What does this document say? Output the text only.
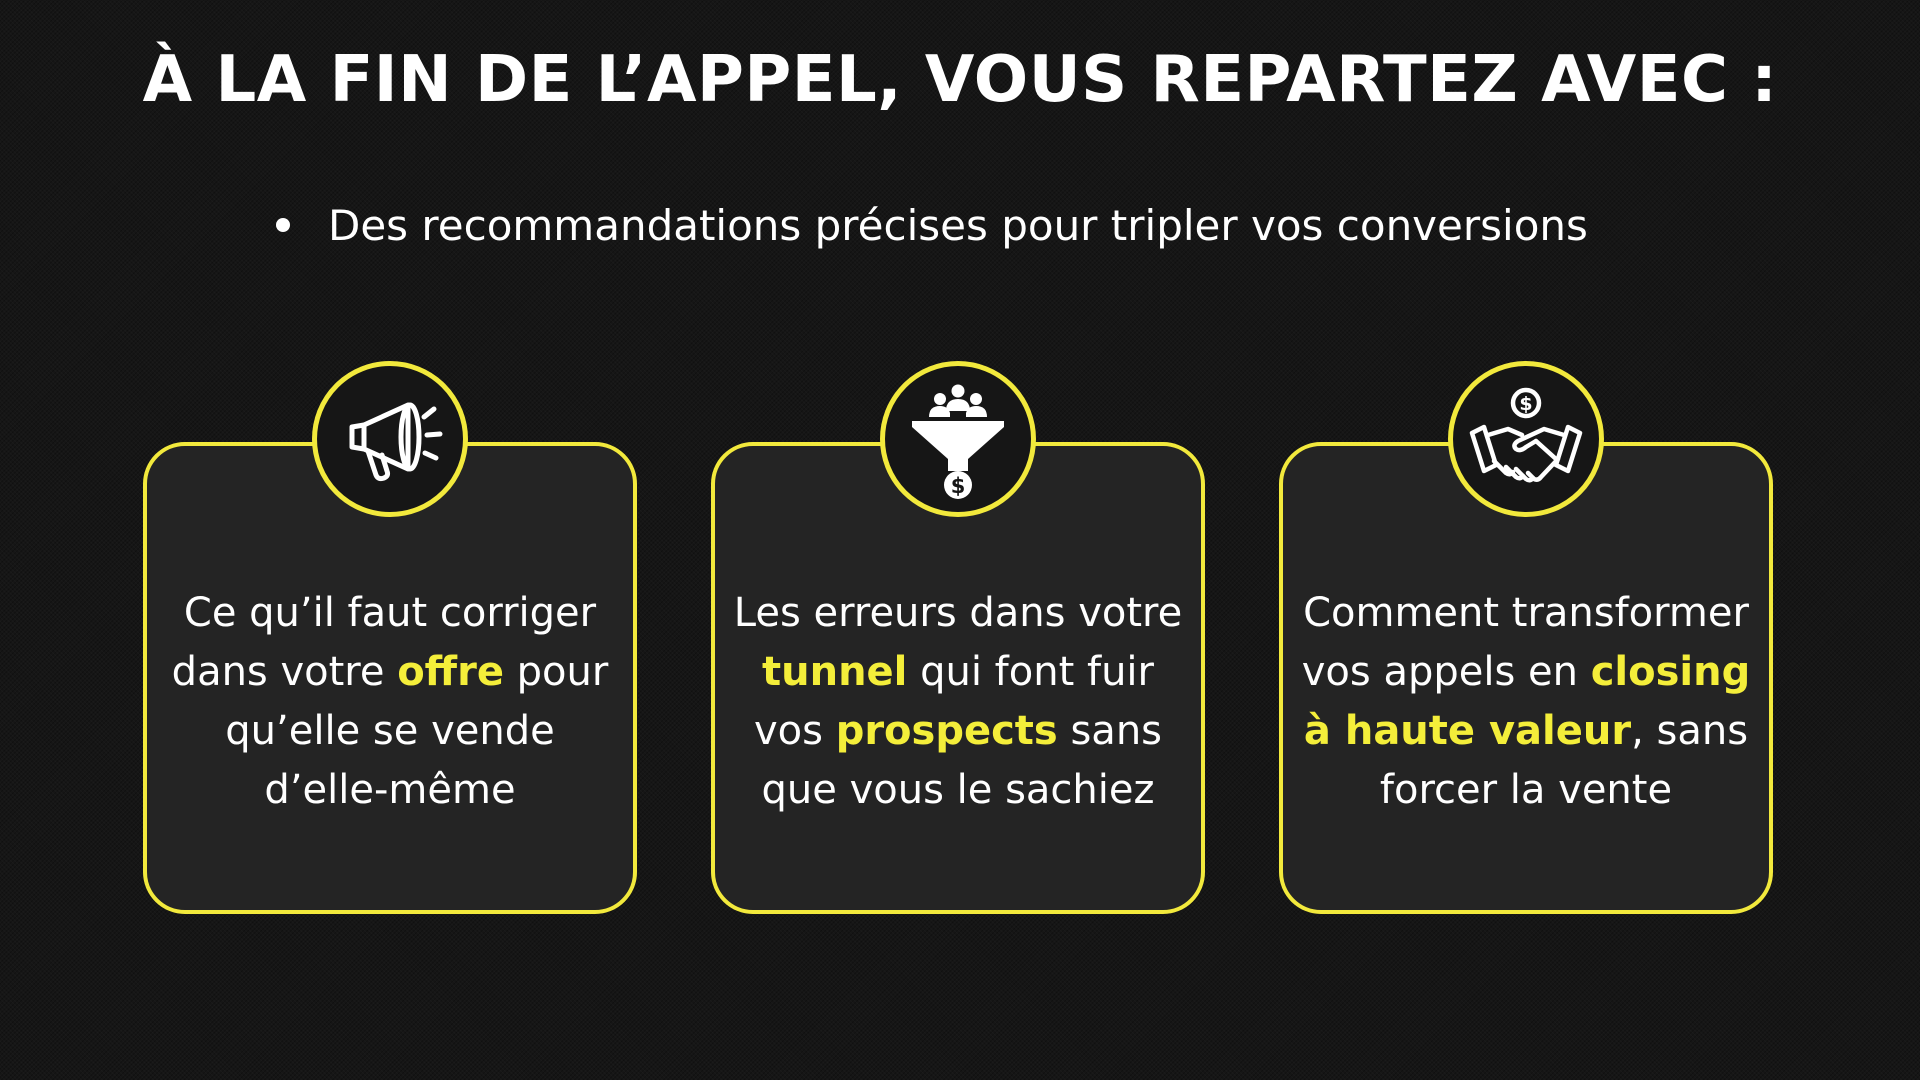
À LA FIN DE L’APPEL, VOUS REPARTEZ AVEC :
Des recommandations précises pour tripler vos conversions
Ce qu’il faut corriger dans votre offre pour qu’elle se vende d’elle-même
Les erreurs dans votre tunnel qui font fuir vos prospects sans que vous le sachiez
Comment transformer vos appels en closing à haute valeur, sans forcer la vente
$
$
